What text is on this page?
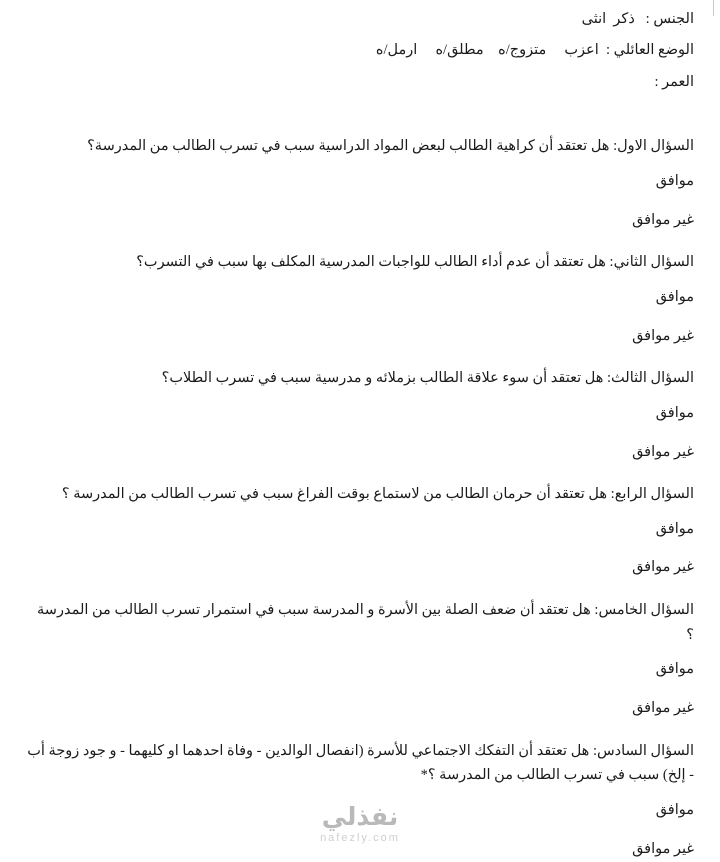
الجنس :   ذكر  انثى
الوضع العائلي :  اعزب     متزوج/ه    مطلق/ه     ارمل/ه
العمر :
السؤال الاول: هل تعتقد أن كراهية الطالب لبعض المواد الدراسية سبب في تسرب الطالب من المدرسة؟
موافق
غير موافق
السؤال الثاني: هل تعتقد أن عدم أداء الطالب للواجبات المدرسية المكلف بها سبب في التسرب؟
موافق
غير موافق
السؤال الثالث: هل تعتقد أن سوء علاقة الطالب بزملائه و مدرسية سبب في تسرب الطلاب؟
موافق
غير موافق
السؤال الرابع: هل تعتقد أن حرمان الطالب من لاستماع بوقت الفراغ سبب في تسرب الطالب من المدرسة ؟
موافق
غير موافق
السؤال الخامس: هل تعتقد أن ضعف الصلة بين الأسرة و المدرسة سبب في استمرار تسرب الطالب من المدرسة ؟
موافق
غير موافق
السؤال السادس: هل تعتقد أن التفكك الاجتماعي للأسرة (انفصال الوالدين - وفاة احدهما او كليهما - و جود زوجة أب - إلخ) سبب في تسرب الطالب من المدرسة ؟*
موافق
غير موافق
نفذلي
nafezly.com
